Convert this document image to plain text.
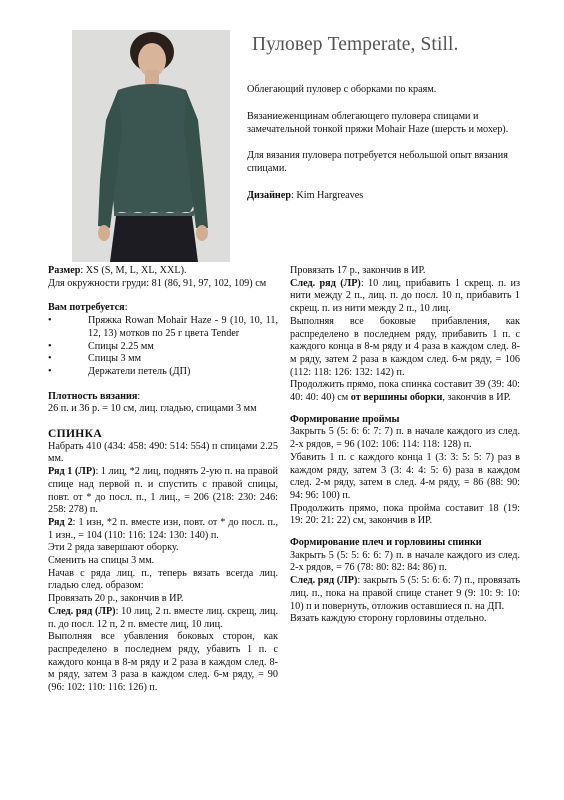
Пуловер Temperate, Still.

Облегающий пуловер с оборками по краям.

Вязаниеженщинам облегающего пуловера спицами и замечательной тонкой пряжи Mohair Haze (шерсть и мохер).

Для вязания пуловера потребуется небольшой опыт вязания спицами.

Дизайнер: Kim Hargreaves

Размер: XS (S, M, L, XL, XXL).

Для окружности груди: 81 (86, 91, 97, 102, 109) см

Вам потребуется:

•	Пряжка Rowan Mohair Haze - 9 (10, 10, 11, 12, 13) мотков по 25 г цвета Tender

•	Спицы 2.25 мм

•	Спицы 3 мм

•	Держатели петель (ДП)

Плотность вязания:

26 п. и 36 р. = 10 см, лиц. гладью, спицами 3 мм

СПИНКА

Набрать 410 (434: 458: 490: 514: 554) п спицами 2.25 мм.

Ряд 1 (ЛР): 1 лиц, *2 лиц, поднять 2-ую п. на правой спице над первой п. и спустить с правой спицы, повт. от * до посл. п., 1 лиц., = 206 (218: 230: 246: 258: 278) п.

Ряд 2: 1 изн, *2 п. вместе изн, повт. от * до посл. п., 1 изн., = 104 (110: 116: 124: 130: 140) п.

Эти 2 ряда завершают оборку.

Сменить на спицы 3 мм.

Начав с ряда лиц. п., теперь вязать всегда лиц. гладью след. образом:

Провязать 20 р., закончив в ИР.

След. ряд (ЛР): 10 лиц, 2 п. вместе лиц. скрещ, лиц. п. до посл. 12 п, 2 п. вместе лиц, 10 лиц.

Выполняя все убавления боковых сторон, как распределено в последнем ряду, убавить 1 п. с каждого конца в 8-м ряду и 2 раза в каждом след. 8-м ряду, затем 3 раза в каждом след. 6-м ряду, = 90 (96: 102: 110: 116: 126) п.

Провязать 17 р., закончив в ИР.

След. ряд (ЛР): 10 лиц, прибавить 1 скрещ. п. из нити между 2 п., лиц. п. до посл. 10 п, прибавить 1 скрещ. п. из нити между 2 п., 10 лиц.

Выполняя все боковые прибавления, как распределено в последнем ряду, прибавить 1 п. с каждого конца в 8-м ряду и 4 раза в каждом след. 8-м ряду, затем 2 раза в каждом след. 6-м ряду, = 106 (112: 118: 126: 132: 142) п.

Продолжить прямо, пока спинка составит 39 (39: 40: 40: 40: 40) см от вершины оборки, закончив в ИР.

Формирование проймы

Закрыть 5 (5: 6: 6: 7: 7) п. в начале каждого из след. 2-х рядов, = 96 (102: 106: 114: 118: 128) п.

Убавить 1 п. с каждого конца 1 (3: 3: 5: 5: 7) раз в каждом ряду, затем 3 (3: 4: 4: 5: 6) раза в каждом след. 2-м ряду, затем в след. 4-м ряду, = 86 (88: 90: 94: 96: 100) п.

Продолжить прямо, пока пройма составит 18 (19: 19: 20: 21: 22) см, закончив в ИР.

Формирование плеч и горловины спинки

Закрыть 5 (5: 5: 6: 6: 7) п. в начале каждого из след. 2-х рядов, = 76 (78: 80: 82: 84: 86) п.

След. ряд (ЛР): закрыть 5 (5: 5: 6: 6: 7) п., провязать лиц. п., пока на правой спице станет 9 (9: 10: 9: 10: 10) п и повернуть, отложив оставшиеся п. на ДП.

Вязать каждую сторону горловины отдельно.
